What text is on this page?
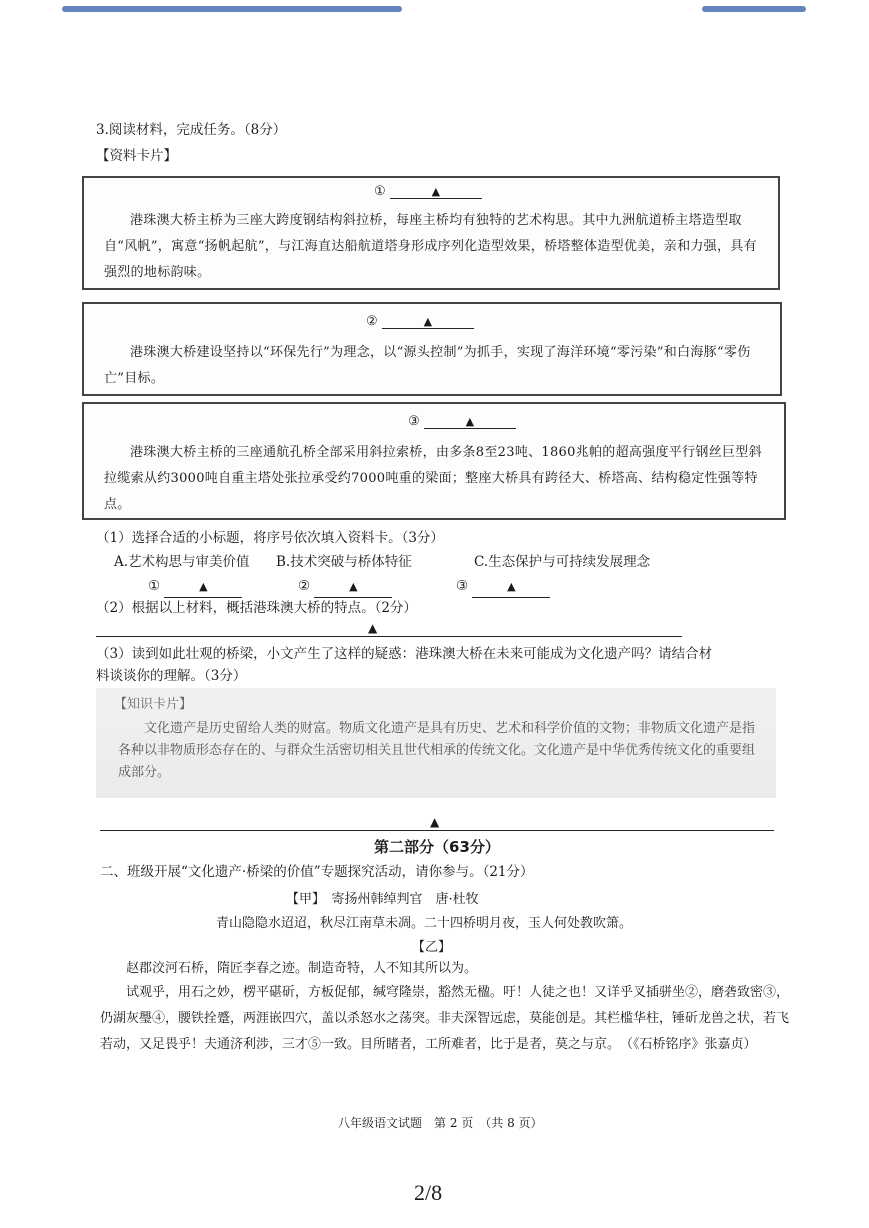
3.阅读材料，完成任务。（8分）
【资料卡片】
①	▲
港珠澳大桥主桥为三座大跨度钢结构斜拉桥，每座主桥均有独特的艺术构思。其中九洲航道桥主塔造型取自“风帆”，寓意“扬帆起航”，与江海直达船航道塔身形成序列化造型效果，桥塔整体造型优美，亲和力强，具有强烈的地标韵味。
②	▲
港珠澳大桥建设坚持以“环保先行”为理念，以“源头控制”为抓手，实现了海洋环境“零污染”和白海豚“零伤亡”目标。
③	▲
港珠澳大桥主桥的三座通航孔桥全部采用斜拉索桥，由多条8至23吨、1860兆帕的超高强度平行钢丝巨型斜拉缆索从约3000吨自重主塔处张拉承受约7000吨重的梁面；整座大桥具有跨径大、桥塔高、结构稳定性强等特点。
（1）选择合适的小标题，将序号依次填入资料卡。（3分）
A.艺术构思与审美价值 B.技术突破与桥体特征	C.生态保护与可持续发展理念
①	▲	②	▲	③	▲
（2）根据以上材料，概括港珠澳大桥的特点。（2分）
▲
（3）读到如此壮观的桥梁，小文产生了这样的疑惑：港珠澳大桥在未来可能成为文化遗产吗？请结合材
料谈谈你的理解。（3分）
【知识卡片】
文化遗产是历史留给人类的财富。物质文化遗产是具有历史、艺术和科学价值的文物；非物质文化遗产是指各种以非物质形态存在的、与群众生活密切相关且世代相承的传统文化。文化遗产是中华优秀传统文化的重要组成部分。
▲
第二部分（63分）
二、班级开展“文化遗产·桥梁的价值”专题探究活动，请你参与。（21分）
【甲】　寄扬州韩绰判官　唐·杜牧
青山隐隐水迢迢，秋尽江南草未凋。二十四桥明月夜，玉人何处教吹箫。
【乙】
赵郡洨河石桥，隋匠李春之迹。制造奇特，人不知其所以为。
试观乎，用石之妙，楞平碪斫，方板促郁，缄穹隆崇，豁然无楹。吁！人徒之也！又详乎叉插骈坐②，磨砻致密③，仍湖灰璺④，腰铁拴蹙，两涯嵌四穴，盖以杀怒水之荡突。非夫深智远虑，莫能创是。其栏槛华柱，锤斫龙兽之状，若飞若动，又足畏乎！夫通济利涉，三才⑤一致。目所睹者，工所难者，比于是者，莫之与京。　（《石桥铭序》张嘉贞）
八年级语文试题　第 2 页　（共 8 页）
2/8
